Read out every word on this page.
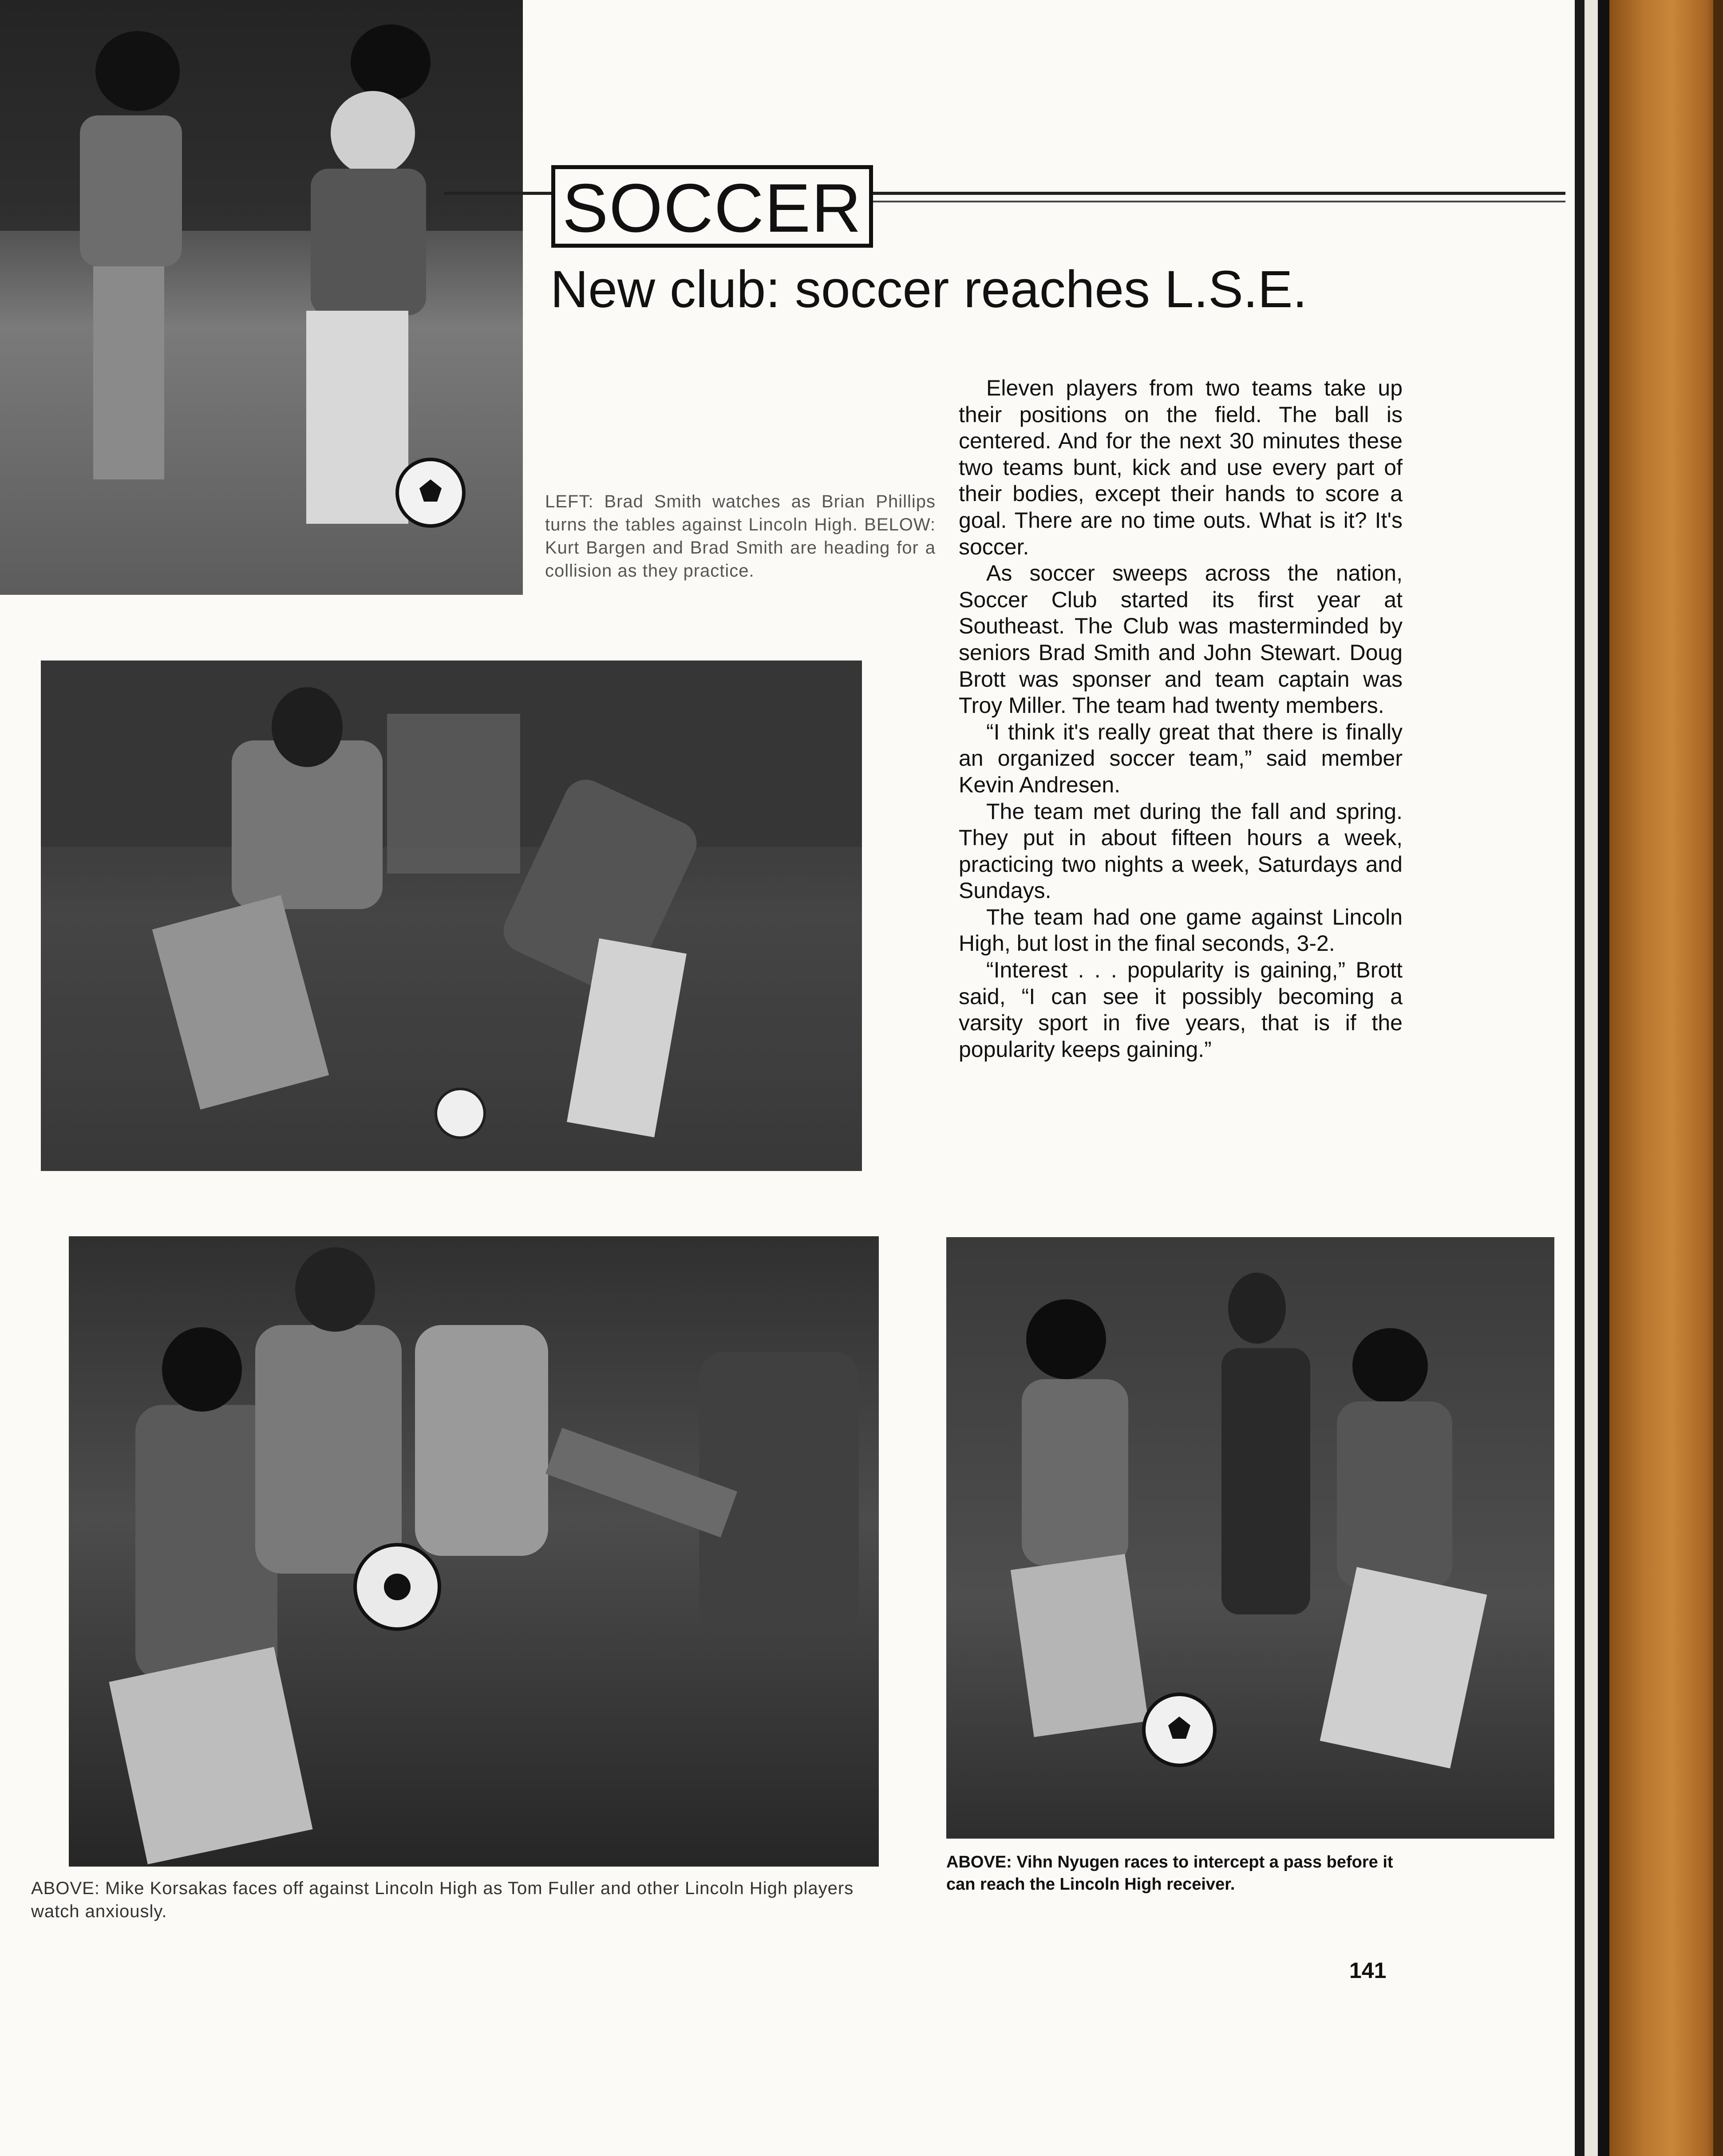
SOCCER
New club: soccer reaches L.S.E.

LEFT: Brad Smith watches as Brian Phillips turns the tables against Lincoln High. BELOW: Kurt Bargen and Brad Smith are heading for a collision as they practice.

Eleven players from two teams take up their positions on the field. The ball is centered. And for the next 30 minutes these two teams bunt, kick and use every part of their bodies, except their hands to score a goal. There are no time outs. What is it? It's soccer.

As soccer sweeps across the nation, Soccer Club started its first year at Southeast. The Club was masterminded by seniors Brad Smith and John Stewart. Doug Brott was sponser and team captain was Troy Miller. The team had twenty members.

“I think it's really great that there is finally an organized soccer team,” said member Kevin Andresen.

The team met during the fall and spring. They put in about fifteen hours a week, practicing two nights a week, Saturdays and Sundays.

The team had one game against Lincoln High, but lost in the final seconds, 3-2.

“Interest . . . popularity is gaining,” Brott said, “I can see it possibly becoming a varsity sport in five years, that is if the popularity keeps gaining.”

ABOVE: Mike Korsakas faces off against Lincoln High as Tom Fuller and other Lincoln High players watch anxiously.

ABOVE: Vihn Nyugen races to intercept a pass before it can reach the Lincoln High receiver.

141
